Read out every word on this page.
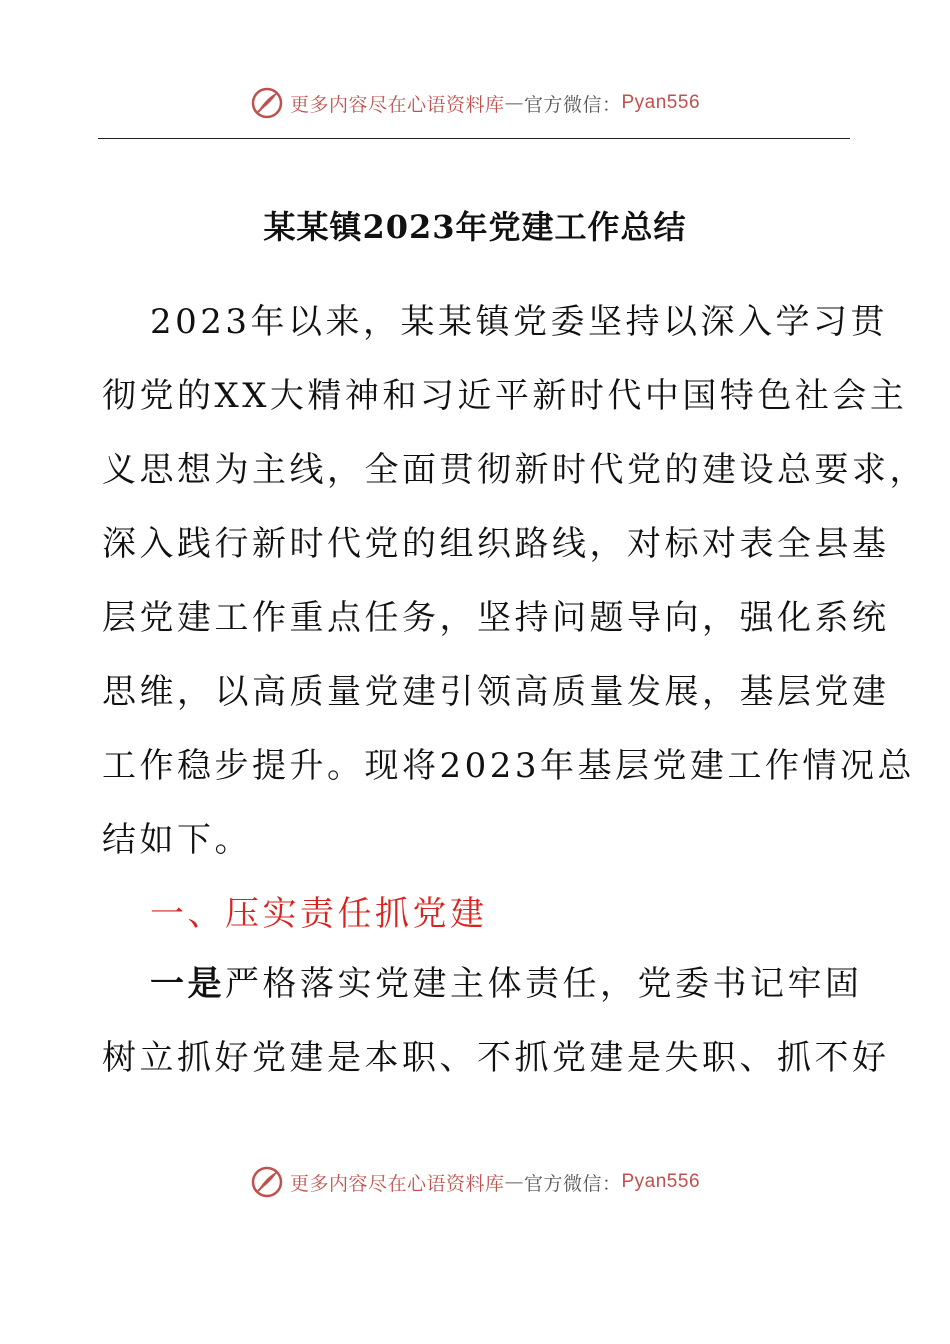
更多内容尽在心语资料库 — 官方微信： Pyan556
某某镇2023年党建工作总结
2023年以来，某某镇党委坚持以深入学习贯
彻党的XX大精神和习近平新时代中国特色社会主
义思想为主线，全面贯彻新时代党的建设总要求，
深入践行新时代党的组织路线，对标对表全县基
层党建工作重点任务，坚持问题导向，强化系统
思维，以高质量党建引领高质量发展，基层党建
工作稳步提升。现将2023年基层党建工作情况总
结如下。
一、压实责任抓党建
一是严格落实党建主体责任，党委书记牢固
树立抓好党建是本职、不抓党建是失职、抓不好
更多内容尽在心语资料库 — 官方微信： Pyan556
